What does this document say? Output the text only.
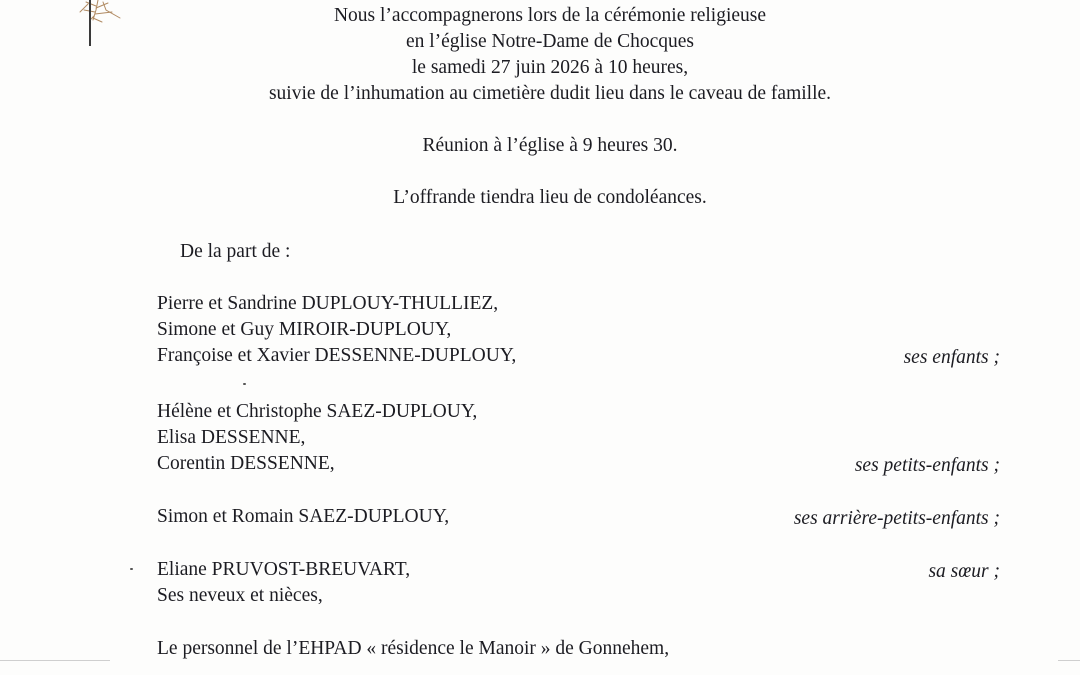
Nous l’accompagnerons lors de la cérémonie religieuse

en l’église Notre-Dame de Chocques

le samedi 27 juin 2026 à 10 heures,

suivie de l’inhumation au cimetière dudit lieu dans le caveau de famille.

Réunion à l’église à 9 heures 30.

L’offrande tiendra lieu de condoléances.

De la part de :

Pierre et Sandrine DUPLOUY-THULLIEZ,

Simone et Guy MIROIR-DUPLOUY,

Françoise et Xavier DESSENNE-DUPLOUY,	ses enfants ;

Hélène et Christophe SAEZ-DUPLOUY,

Elisa DESSENNE,

Corentin DESSENNE,	ses petits-enfants ;

Simon et Romain SAEZ-DUPLOUY,	ses arrière-petits-enfants ;

Eliane PRUVOST-BREUVART,	sa sœur ;

Ses neveux et nièces,

Le personnel de l’EHPAD « résidence le Manoir » de Gonnehem,
